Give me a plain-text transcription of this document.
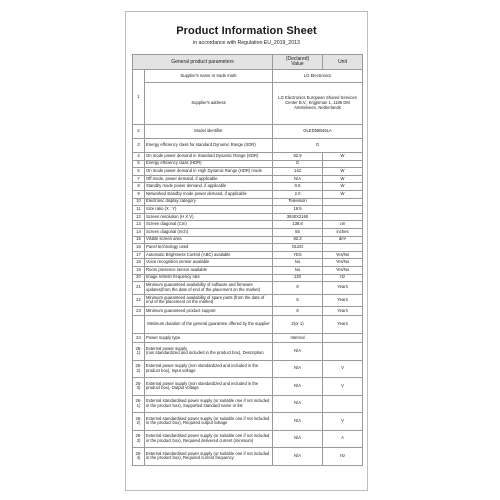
Product Information Sheet
in accordance with Regulation EU_2019_2013
General product parameters		(Declared)
Value	Unit
1	Supplier's name or trade mark	LG Electronics	
	Supplier's address	LG Electronics European Shared Services Center B.V., Krijgsman 1, 1186 DM Amstelveen, Netherlands	
2	Model identifier	OLED55B46LA	
3	Energy efficiency class for standard Dynamic Range (SDR)	G	
4	On mode power demand in Standard Dynamic Range (SDR)	82.9	W
5	Energy efficiency class (HDR)	G	
6	On mode power demand in High Dynamic Range (HDR) mode	142	W
7	Off mode, power demand, if applicable	N/A	W
8	Standby mode power demand, if applicable	0.5	W
9	Networked standby mode power demand, if applicable	2.0	W
10	Electronic display category	Television	
11	Size ratio (X : Y)	16:9	
12	Screen resolution (H X V)	3840X2160	
13	Screen diagonal (Cm)	138.8	cm
14	Screen diagonal (Inch)	55	inches
15	Visible screen area	82.3	dm²
16	Panel technology used	OLED	
17	Automatic Brightness Control (ABC) available	YES	Yes/No
18	Voice recognition sensor available	No	Yes/No
19	Room presence sensor available	No	Yes/No
20	Image refresh frequency rate	120	Hz
21	Minimum guaranteed availability of software and firmware updates(from the date of end of the placement on the market)	8	Years
22	Minimum guaranteed availability of spare parts (from the date of end of the placement on the market)	8	Years
23	Minimum guaranteed product support	8	Years
	Minimum duration of the general guarantee offered by the supplier	2(or 1)	Years
24	Power supply type	Internal	
25-1)	External power supply
(non standardized and included in the product box), Description	N/A	
25-2)	External power supply (non standardized and included in the product box), Input voltage	N/A	V
25-3)	External power supply (non standardized and included in the product box), Output voltage	N/A	V
26-1)	External standardised power supply (or suitable one if not included in the product box), Supported standard name or list	N/A	
26-2)	External standardised power supply (or suitable one if not included in the product box), Required output voltage	N/A	V
26-3)	External standardised power supply (or suitable one if not included in the product box), Required delivered current (minimum)	N/A	A
26-4)	External standardised power supply (or suitable one if not included in the product box), Required current frequency	N/A	Hz
